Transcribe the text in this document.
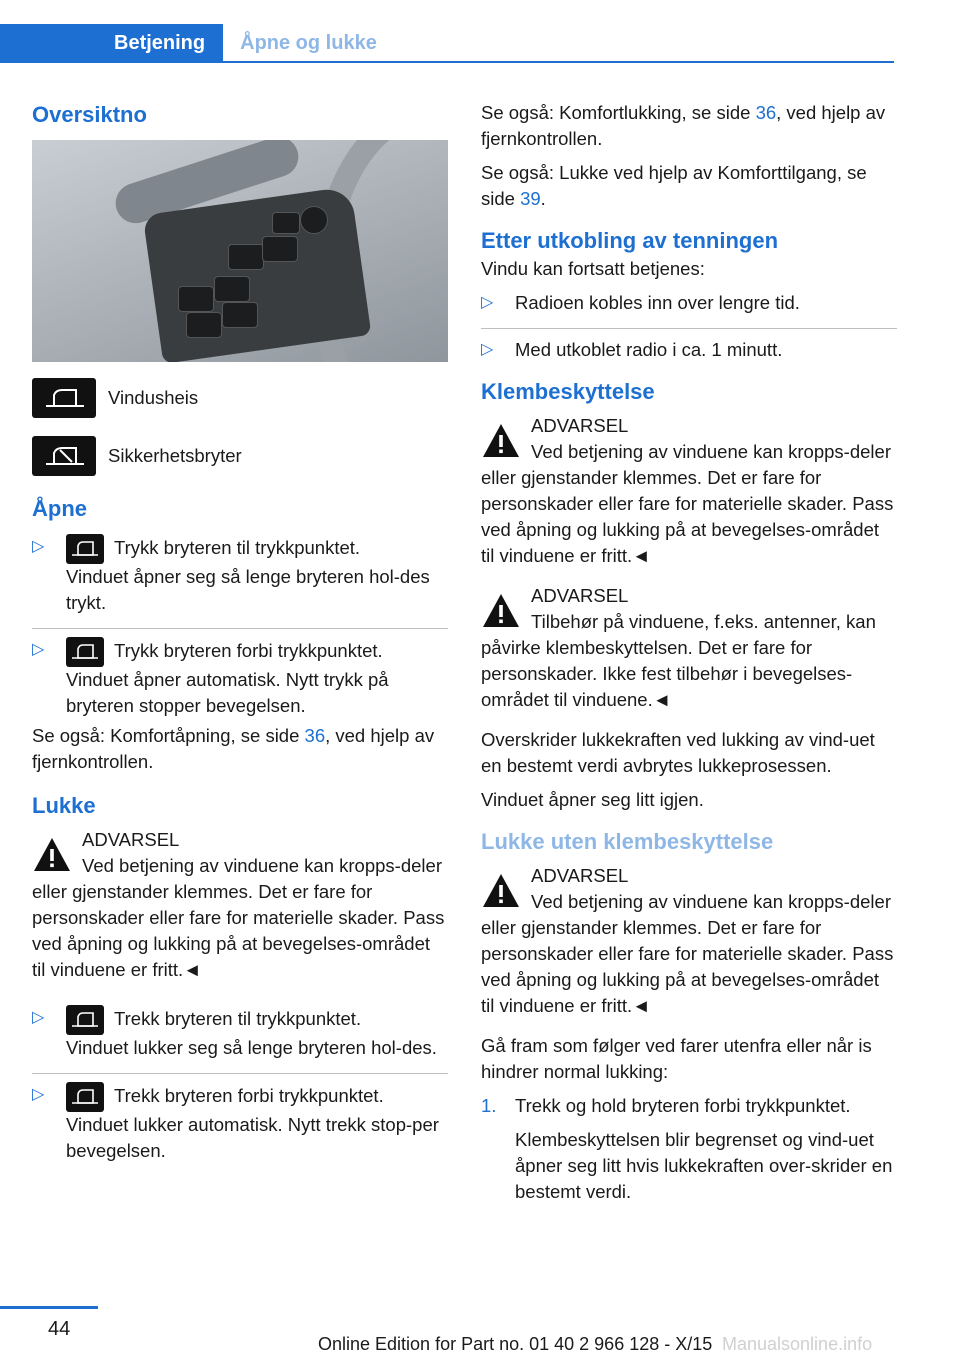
Betjening	Åpne og lukke
Oversiktno
Vindusheis
Sikkerhetsbryter
Åpne
▷	Trykk bryteren til trykkpunktet.
Vinduet åpner seg så lenge bryteren hol‐des trykt.
▷	Trykk bryteren forbi trykkpunktet.
Vinduet åpner automatisk. Nytt trykk på bryteren stopper bevegelsen.

Se også: Komfortåpning, se side 36, ved hjelp av fjernkontrollen.

Lukke
ADVARSEL
Ved betjening av vinduene kan kropps‐deler eller gjenstander klemmes. Det er fare for personskader eller fare for materielle skader. Pass ved åpning og lukking på at bevegelses‐området til vinduene er fritt.◄
▷	Trekk bryteren til trykkpunktet.
Vinduet lukker seg så lenge bryteren hol‐des.
▷	Trekk bryteren forbi trykkpunktet.
Vinduet lukker automatisk. Nytt trekk stop‐per bevegelsen.

Se også: Komfortlukking, se side 36, ved hjelp av fjernkontrollen.

Se også: Lukke ved hjelp av Komforttilgang, se side 39.

Etter utkobling av tenningen

Vindu kan fortsatt betjenes:

▷ Radioen kobles inn over lengre tid.
▷ Med utkoblet radio i ca. 1 minutt.
Klembeskyttelse
ADVARSEL
Ved betjening av vinduene kan kropps‐deler eller gjenstander klemmes. Det er fare for personskader eller fare for materielle skader. Pass ved åpning og lukking på at bevegelses‐området til vinduene er fritt.◄
ADVARSEL
Tilbehør på vinduene, f.eks. antenner, kan påvirke klembeskyttelsen. Det er fare for personskader. Ikke fest tilbehør i bevegelses‐området til vinduene.◄

Overskrider lukkekraften ved lukking av vind‐uet en bestemt verdi avbrytes lukkeprosessen.

Vinduet åpner seg litt igjen.

Lukke uten klembeskyttelse
ADVARSEL
Ved betjening av vinduene kan kropps‐deler eller gjenstander klemmes. Det er fare for personskader eller fare for materielle skader. Pass ved åpning og lukking på at bevegelses‐området til vinduene er fritt.◄

Gå fram som følger ved farer utenfra eller når is hindrer normal lukking:

1. Trekk og hold bryteren forbi trykkpunktet.
Klembeskyttelsen blir begrenset og vind‐uet åpner seg litt hvis lukkekraften over‐skrider en bestemt verdi.
44
Online Edition for Part no. 01 40 2 966 128 - X/15 Manualsonline.info
